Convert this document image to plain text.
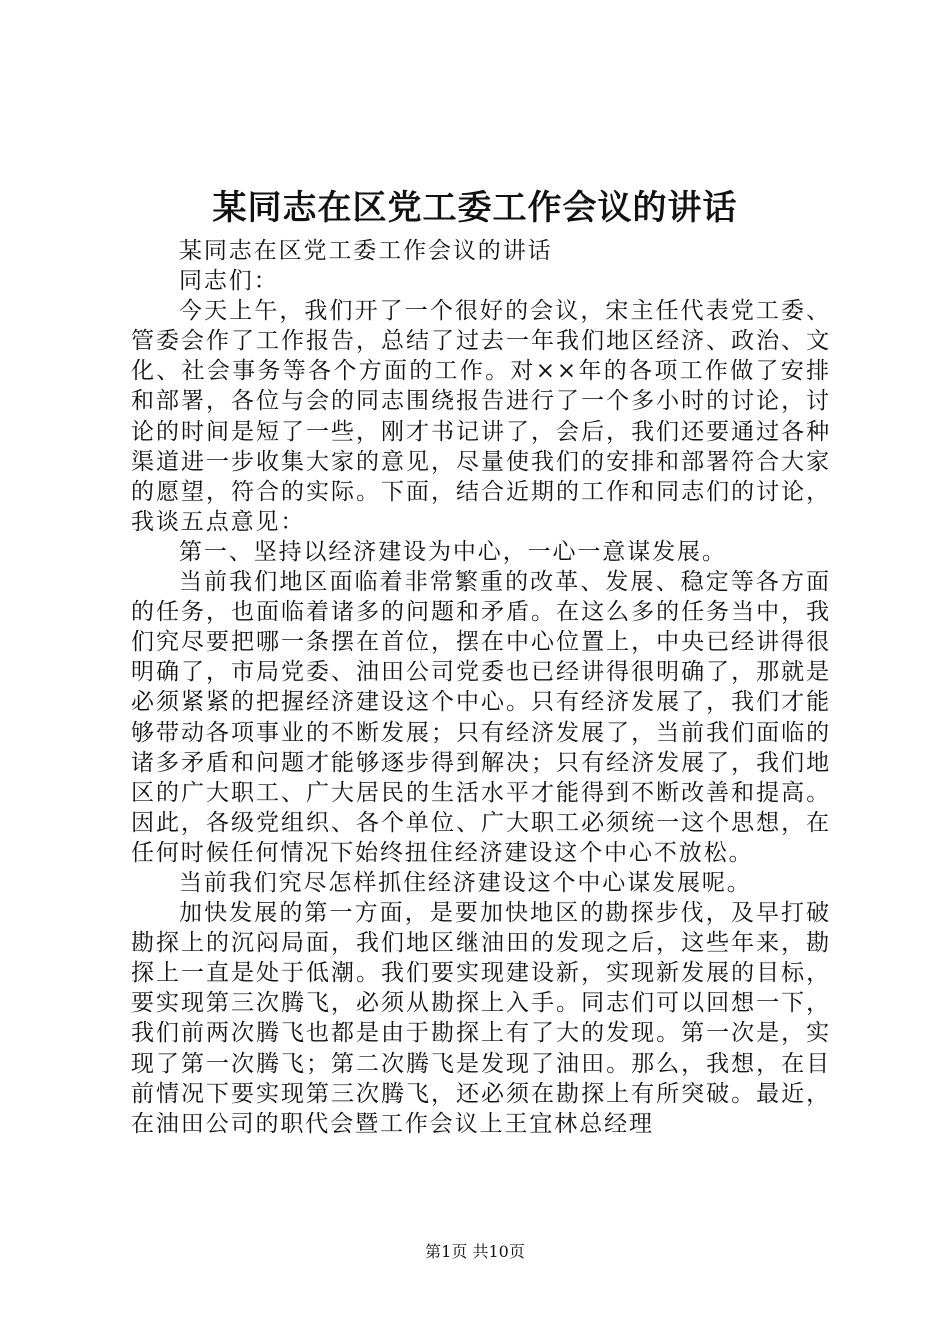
某同志在区党工委工作会议的讲话

某同志在区党工委工作会议的讲话

同志们：

今天上午，我们开了一个很好的会议，宋主任代表党工委、管委会作了工作报告，总结了过去一年我们地区经济、政治、文化、社会事务等各个方面的工作。对××年的各项工作做了安排和部署，各位与会的同志围绕报告进行了一个多小时的讨论，讨论的时间是短了一些，刚才书记讲了，会后，我们还要通过各种渠道进一步收集大家的意见，尽量使我们的安排和部署符合大家的愿望，符合的实际。下面，结合近期的工作和同志们的讨论，我谈五点意见：

第一、坚持以经济建设为中心，一心一意谋发展。

当前我们地区面临着非常繁重的改革、发展、稳定等各方面的任务，也面临着诸多的问题和矛盾。在这么多的任务当中，我们究尽要把哪一条摆在首位，摆在中心位置上，中央已经讲得很明确了，市局党委、油田公司党委也已经讲得很明确了，那就是必须紧紧的把握经济建设这个中心。只有经济发展了，我们才能够带动各项事业的不断发展；只有经济发展了，当前我们面临的诸多矛盾和问题才能够逐步得到解决；只有经济发展了，我们地区的广大职工、广大居民的生活水平才能得到不断改善和提高。因此，各级党组织、各个单位、广大职工必须统一这个思想，在任何时候任何情况下始终扭住经济建设这个中心不放松。

当前我们究尽怎样抓住经济建设这个中心谋发展呢。

加快发展的第一方面，是要加快地区的勘探步伐，及早打破勘探上的沉闷局面，我们地区继油田的发现之后，这些年来，勘探上一直是处于低潮。我们要实现建设新，实现新发展的目标，要实现第三次腾飞，必须从勘探上入手。同志们可以回想一下，我们前两次腾飞也都是由于勘探上有了大的发现。第一次是，实现了第一次腾飞；第二次腾飞是发现了油田。那么，我想，在目前情况下要实现第三次腾飞，还必须在勘探上有所突破。最近，在油田公司的职代会暨工作会议上王宜林总经理

第1页 共10页
